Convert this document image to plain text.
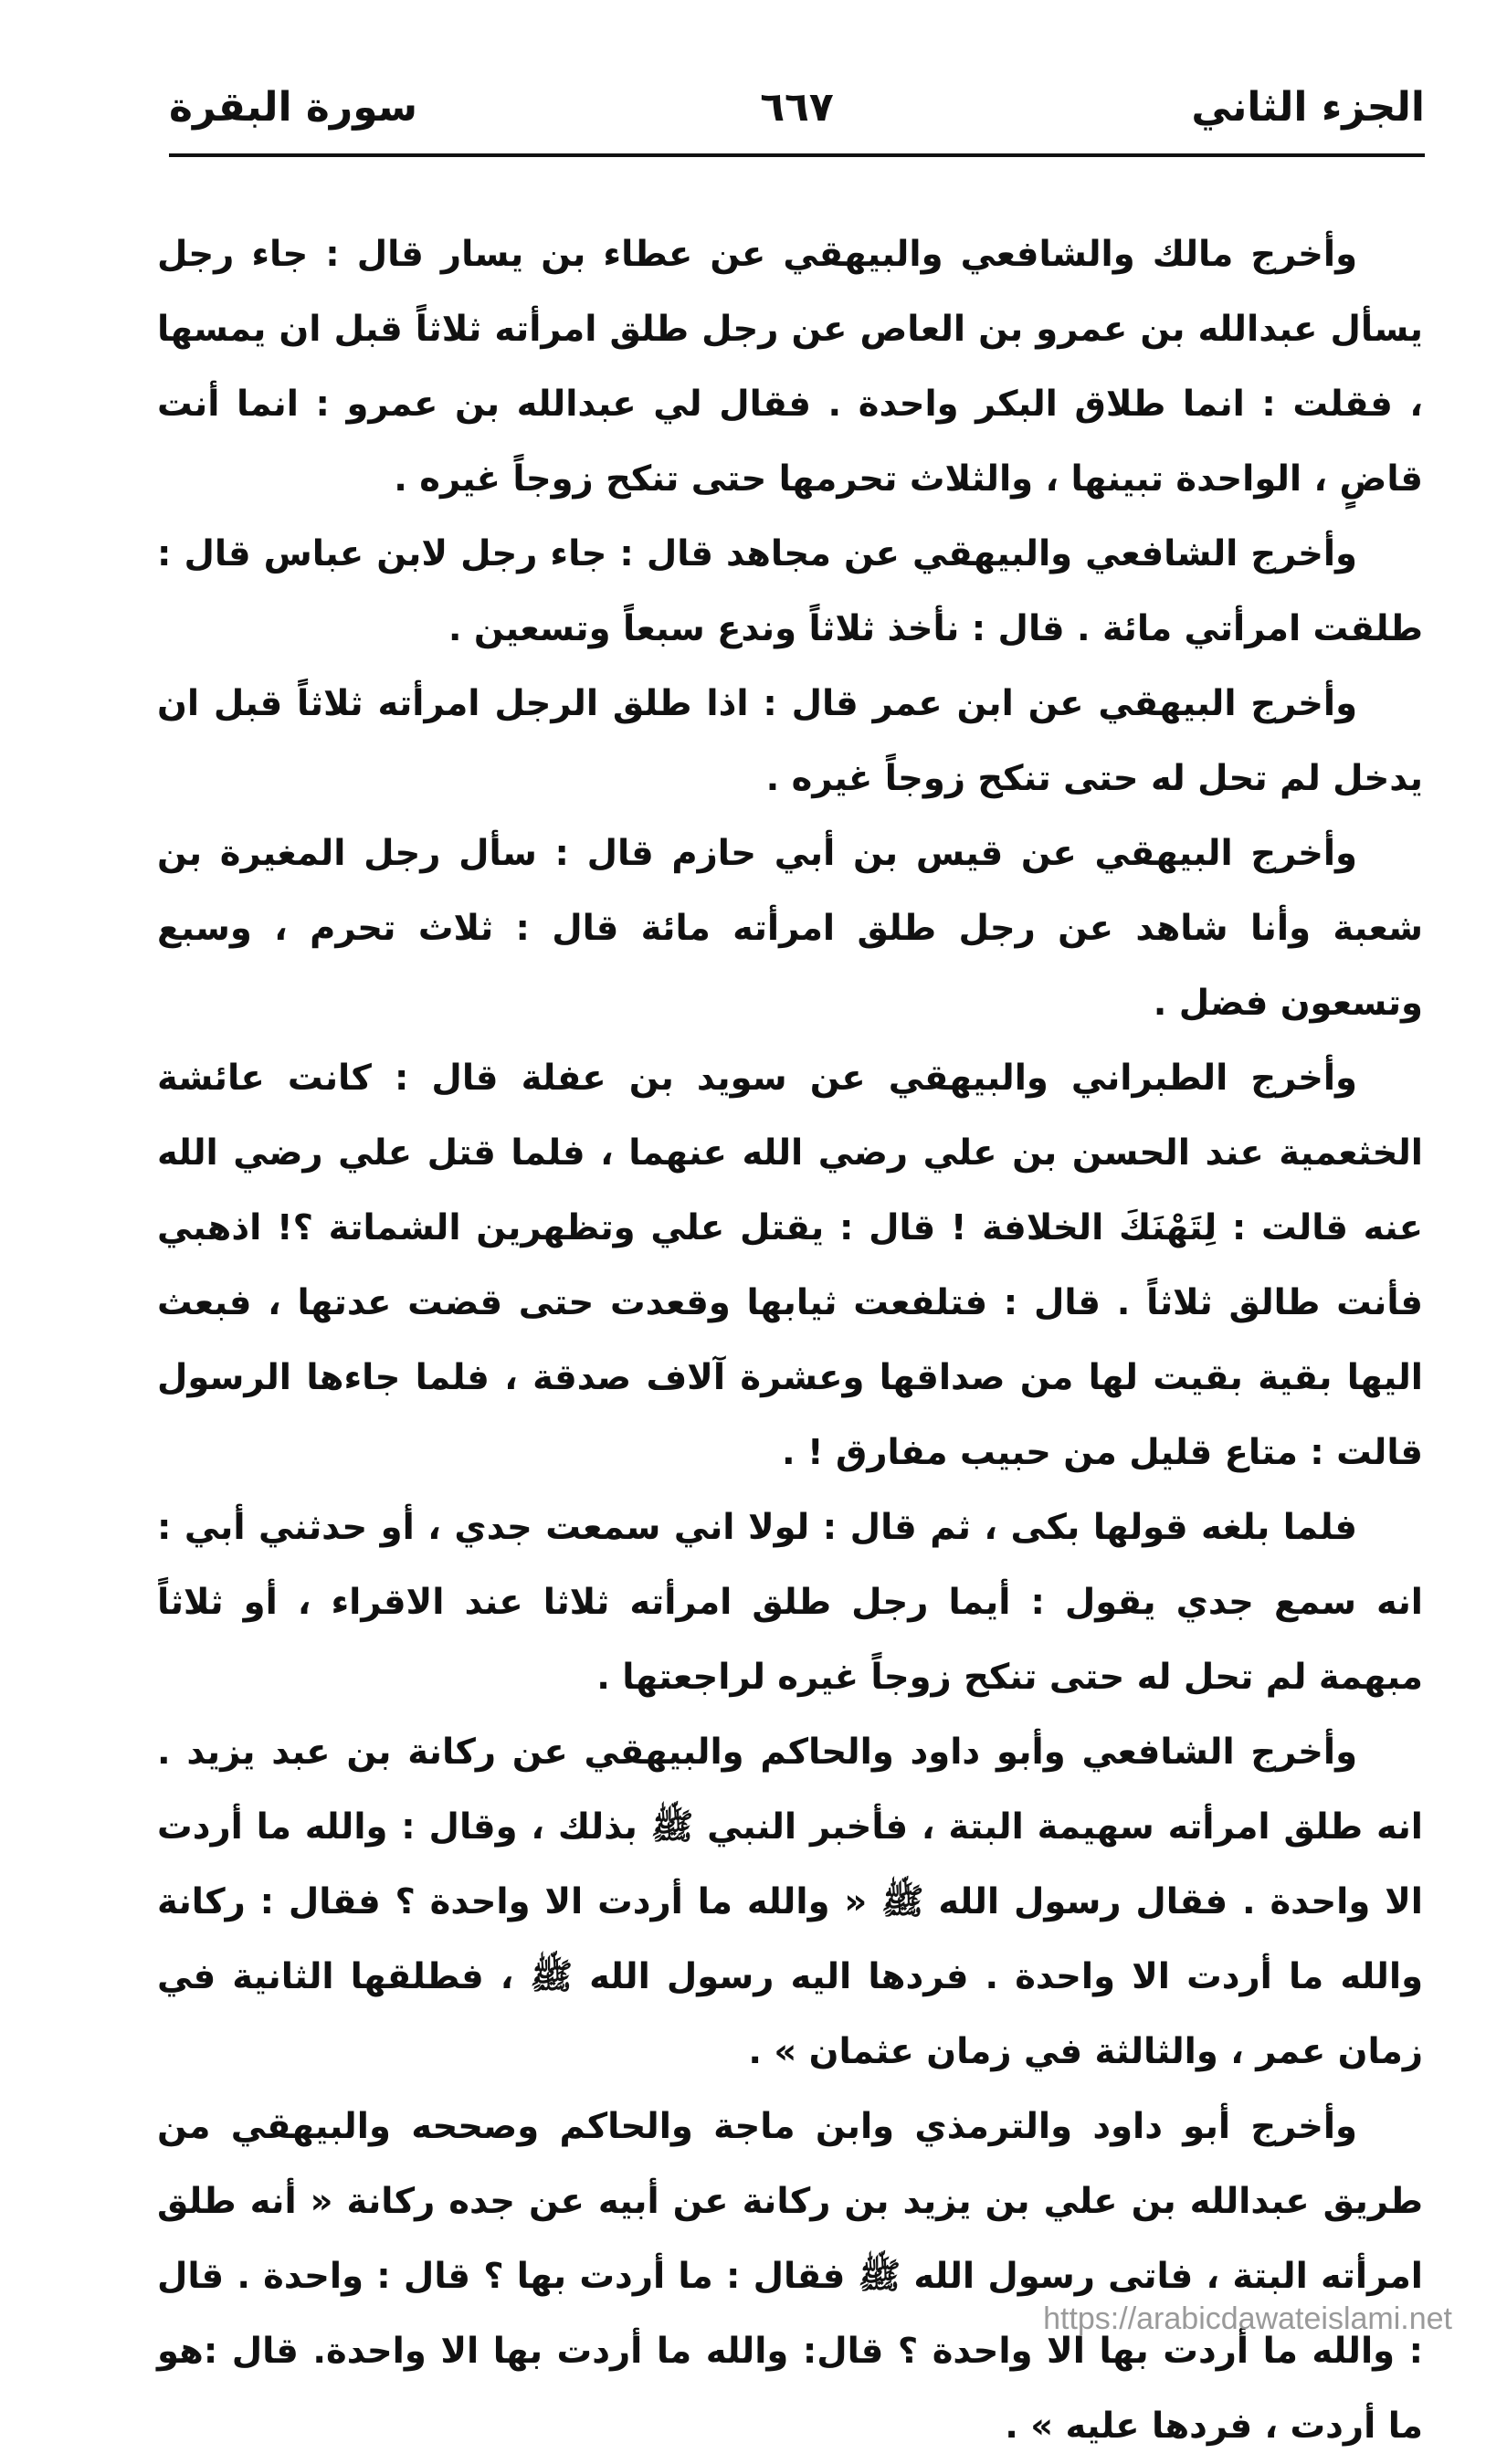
الجزء الثاني
٦٦٧
سورة البقرة

وأخرج مالك والشافعي والبيهقي عن عطاء بن يسار قال : جاء رجل يسأل عبدالله بن عمرو بن العاص عن رجل طلق امرأته ثلاثاً قبل ان يمسها ، فقلت : انما طلاق البكر واحدة . فقال لي عبدالله بن عمرو : انما أنت قاضٍ ، الواحدة تبينها ، والثلاث تحرمها حتى تنكح زوجاً غيره .

وأخرج الشافعي والبيهقي عن مجاهد قال : جاء رجل لابن عباس قال : طلقت امرأتي مائة . قال : نأخذ ثلاثاً وندع سبعاً وتسعين .

وأخرج البيهقي عن ابن عمر قال : اذا طلق الرجل امرأته ثلاثاً قبل ان يدخل لم تحل له حتى تنكح زوجاً غيره .

وأخرج البيهقي عن قيس بن أبي حازم قال : سأل رجل المغيرة بن شعبة وأنا شاهد عن رجل طلق امرأته مائة قال : ثلاث تحرم ، وسبع وتسعون فضل .

وأخرج الطبراني والبيهقي عن سويد بن عفلة قال : كانت عائشة الخثعمية عند الحسن بن علي رضي الله عنهما ، فلما قتل علي رضي الله عنه قالت : لِتَهْنَكَ الخلافة ! قال : يقتل علي وتظهرين الشماتة ؟! اذهبي فأنت طالق ثلاثاً . قال : فتلفعت ثيابها وقعدت حتى قضت عدتها ، فبعث اليها بقية بقيت لها من صداقها وعشرة آلاف صدقة ، فلما جاءها الرسول قالت : متاع قليل من حبيب مفارق ! .

فلما بلغه قولها بكى ، ثم قال : لولا اني سمعت جدي ، أو حدثني أبي : انه سمع جدي يقول : أيما رجل طلق امرأته ثلاثا عند الاقراء ، أو ثلاثاً مبهمة لم تحل له حتى تنكح زوجاً غيره لراجعتها .

وأخرج الشافعي وأبو داود والحاكم والبيهقي عن ركانة بن عبد يزيد . انه طلق امرأته سهيمة البتة ، فأخبر النبي ﷺ بذلك ، وقال : والله ما أردت الا واحدة . فقال رسول الله ﷺ « والله ما أردت الا واحدة ؟ فقال : ركانة والله ما أردت الا واحدة . فردها اليه رسول الله ﷺ ، فطلقها الثانية في زمان عمر ، والثالثة في زمان عثمان » .

وأخرج أبو داود والترمذي وابن ماجة والحاكم وصححه والبيهقي من طريق عبدالله بن علي بن يزيد بن ركانة عن أبيه عن جده ركانة « أنه طلق امرأته البتة ، فاتى رسول الله ﷺ فقال : ما أردت بها ؟ قال : واحدة . قال : والله ما أردت بها الا واحدة ؟ قال: والله ما أردت بها الا واحدة. قال :هو ما أردت ، فردها عليه » .

https://arabicdawateislami.net
